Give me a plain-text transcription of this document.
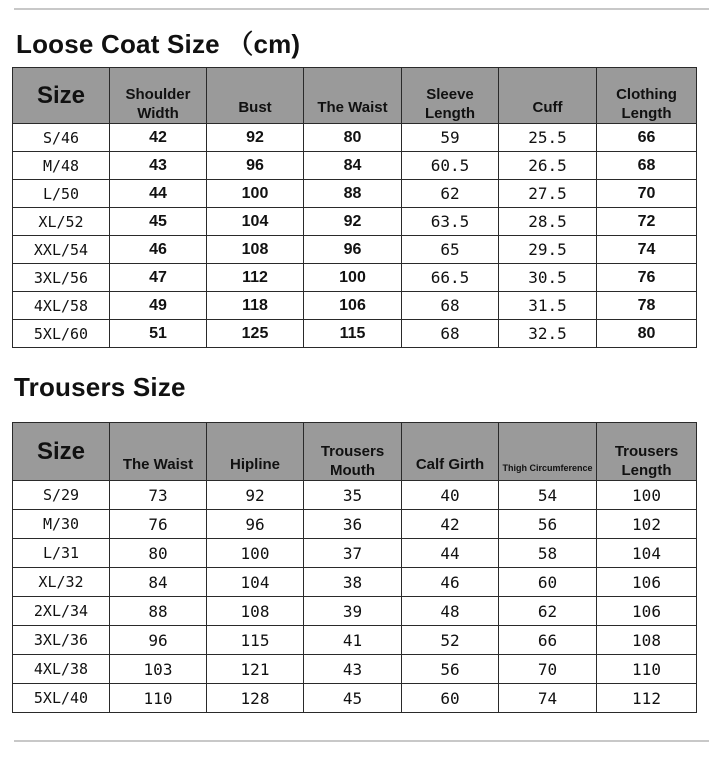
Loose Coat Size （cm)
Size	Shoulder Width	Bust	The Waist	Sleeve Length	Cuff	Clothing Length
S/46	42	92	80	59	25.5	66
M/48	43	96	84	60.5	26.5	68
L/50	44	100	88	62	27.5	70
XL/52	45	104	92	63.5	28.5	72
XXL/54	46	108	96	65	29.5	74
3XL/56	47	112	100	66.5	30.5	76
4XL/58	49	118	106	68	31.5	78
5XL/60	51	125	115	68	32.5	80
Trousers Size
Size	The Waist	Hipline	Trousers Mouth	Calf Girth	Thigh Circumference	Trousers Length
S/29	73	92	35	40	54	100
M/30	76	96	36	42	56	102
L/31	80	100	37	44	58	104
XL/32	84	104	38	46	60	106
2XL/34	88	108	39	48	62	106
3XL/36	96	115	41	52	66	108
4XL/38	103	121	43	56	70	110
5XL/40	110	128	45	60	74	112
